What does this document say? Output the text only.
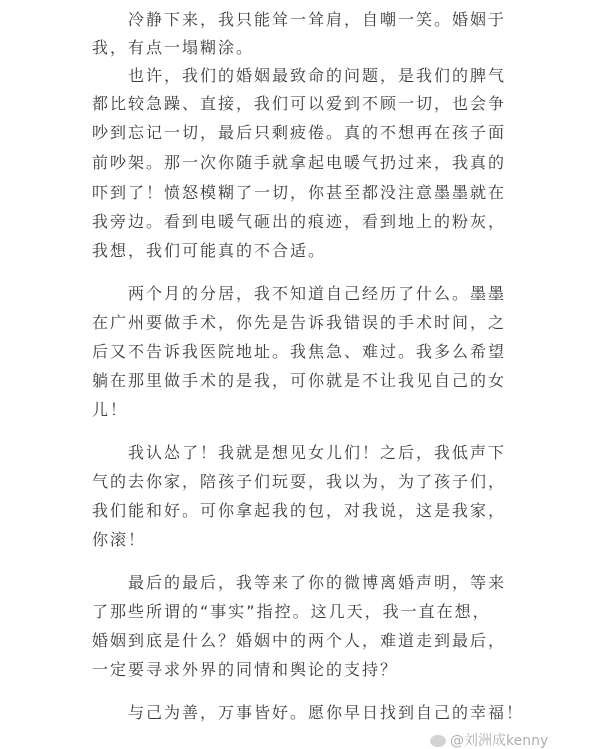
冷静下来，我只能耸一耸肩，自嘲一笑。婚姻于
我，有点一塌糊涂。
也许，我们的婚姻最致命的问题，是我们的脾气
都比较急躁、直接，我们可以爱到不顾一切，也会争
吵到忘记一切，最后只剩疲倦。真的不想再在孩子面
前吵架。那一次你随手就拿起电暖气扔过来，我真的
吓到了！愤怒模糊了一切，你甚至都没注意墨墨就在
我旁边。看到电暖气砸出的痕迹，看到地上的粉灰，
我想，我们可能真的不合适。
两个月的分居，我不知道自己经历了什么。墨墨
在广州要做手术，你先是告诉我错误的手术时间，之
后又不告诉我医院地址。我焦急、难过。我多么希望
躺在那里做手术的是我，可你就是不让我见自己的女
儿！
我认怂了！我就是想见女儿们！之后，我低声下
气的去你家，陪孩子们玩耍，我以为，为了孩子们，
我们能和好。可你拿起我的包，对我说，这是我家，
你滚！
最后的最后，我等来了你的微博离婚声明，等来
了那些所谓的“事实”指控。这几天，我一直在想，
婚姻到底是什么？婚姻中的两个人，难道走到最后，
一定要寻求外界的同情和舆论的支持？
与己为善，万事皆好。愿你早日找到自己的幸福！
@刘洲成kenny
